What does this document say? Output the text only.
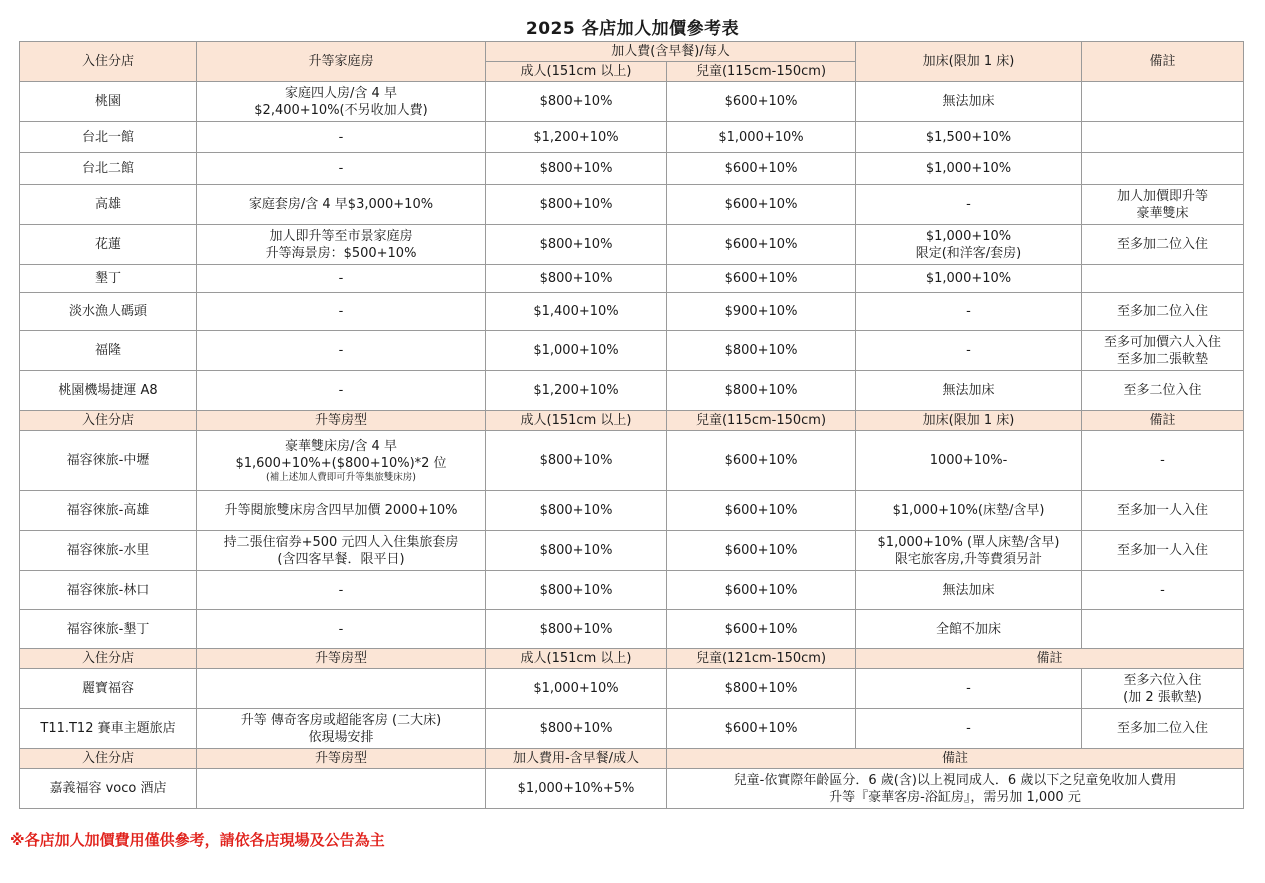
2025 各店加人加價參考表
入住分店	升等家庭房	加人費(含早餐)/每人		加床(限加 1 床)	備註
		成人(151cm 以上)	兒童(115cm-150cm)		
桃園	家庭四人房/含 4 早
$2,400+10%(不另收加人費)	$800+10%	$600+10%	無法加床	

台北一館	-	$1,200+10%	$1,000+10%	$1,500+10%	

台北二館	-	$800+10%	$600+10%	$1,000+10%	

高雄	家庭套房/含 4 早$3,000+10%	$800+10%	$600+10%	-	加人加價即升等
豪華雙床

花蓮	加人即升等至市景家庭房
升等海景房：$500+10%	$800+10%	$600+10%	$1,000+10%
限定(和洋客/套房)	至多加二位入住

墾丁	-	$800+10%	$600+10%	$1,000+10%	

淡水漁人碼頭	-	$1,400+10%	$900+10%	-	至多加二位入住

福隆	-	$1,000+10%	$800+10%	-	至多可加價六人入住
至多加二張軟墊

桃園機場捷運 A8	-	$1,200+10%	$800+10%	無法加床	至多二位入住

入住分店	升等房型	成人(151cm 以上)	兒童(115cm-150cm)	加床(限加 1 床)	備註
福容徠旅-中壢	豪華雙床房/含 4 早
$1,600+10%+($800+10%)*2 位
(補上述加人費即可升等集旅雙床房)	$800+10%	$600+10%	1000+10%-	-

福容徠旅-高雄	升等閱旅雙床房含四早加價 2000+10%	$800+10%	$600+10%	$1,000+10%(床墊/含早)	至多加一人入住

福容徠旅-水里	持二張住宿券+500 元四人入住集旅套房
(含四客早餐．限平日)	$800+10%	$600+10%	$1,000+10% (單人床墊/含早)
限宅旅客房,升等費須另計	至多加一人入住

福容徠旅-林口	-	$800+10%	$600+10%	無法加床	-

福容徠旅-墾丁	-	$800+10%	$600+10%	全館不加床	

入住分店	升等房型	成人(151cm 以上)	兒童(121cm-150cm)	備註	
麗寶福容		$1,000+10%	$800+10%	-	至多六位入住
(加 2 張軟墊)

T11.T12 賽車主題旅店	升等 傳奇客房或超能客房 (二大床)
依現場安排	$800+10%	$600+10%	-	至多加二位入住

入住分店	升等房型	加人費用-含早餐/成人	備註		
嘉義福容 voco 酒店		$1,000+10%+5%	兒童-依實際年齡區分．6 歲(含)以上視同成人．6 歲以下之兒童免收加人費用
升等『豪華客房-浴缸房』，需另加 1,000 元		
※各店加人加價費用僅供參考，請依各店現場及公告為主
